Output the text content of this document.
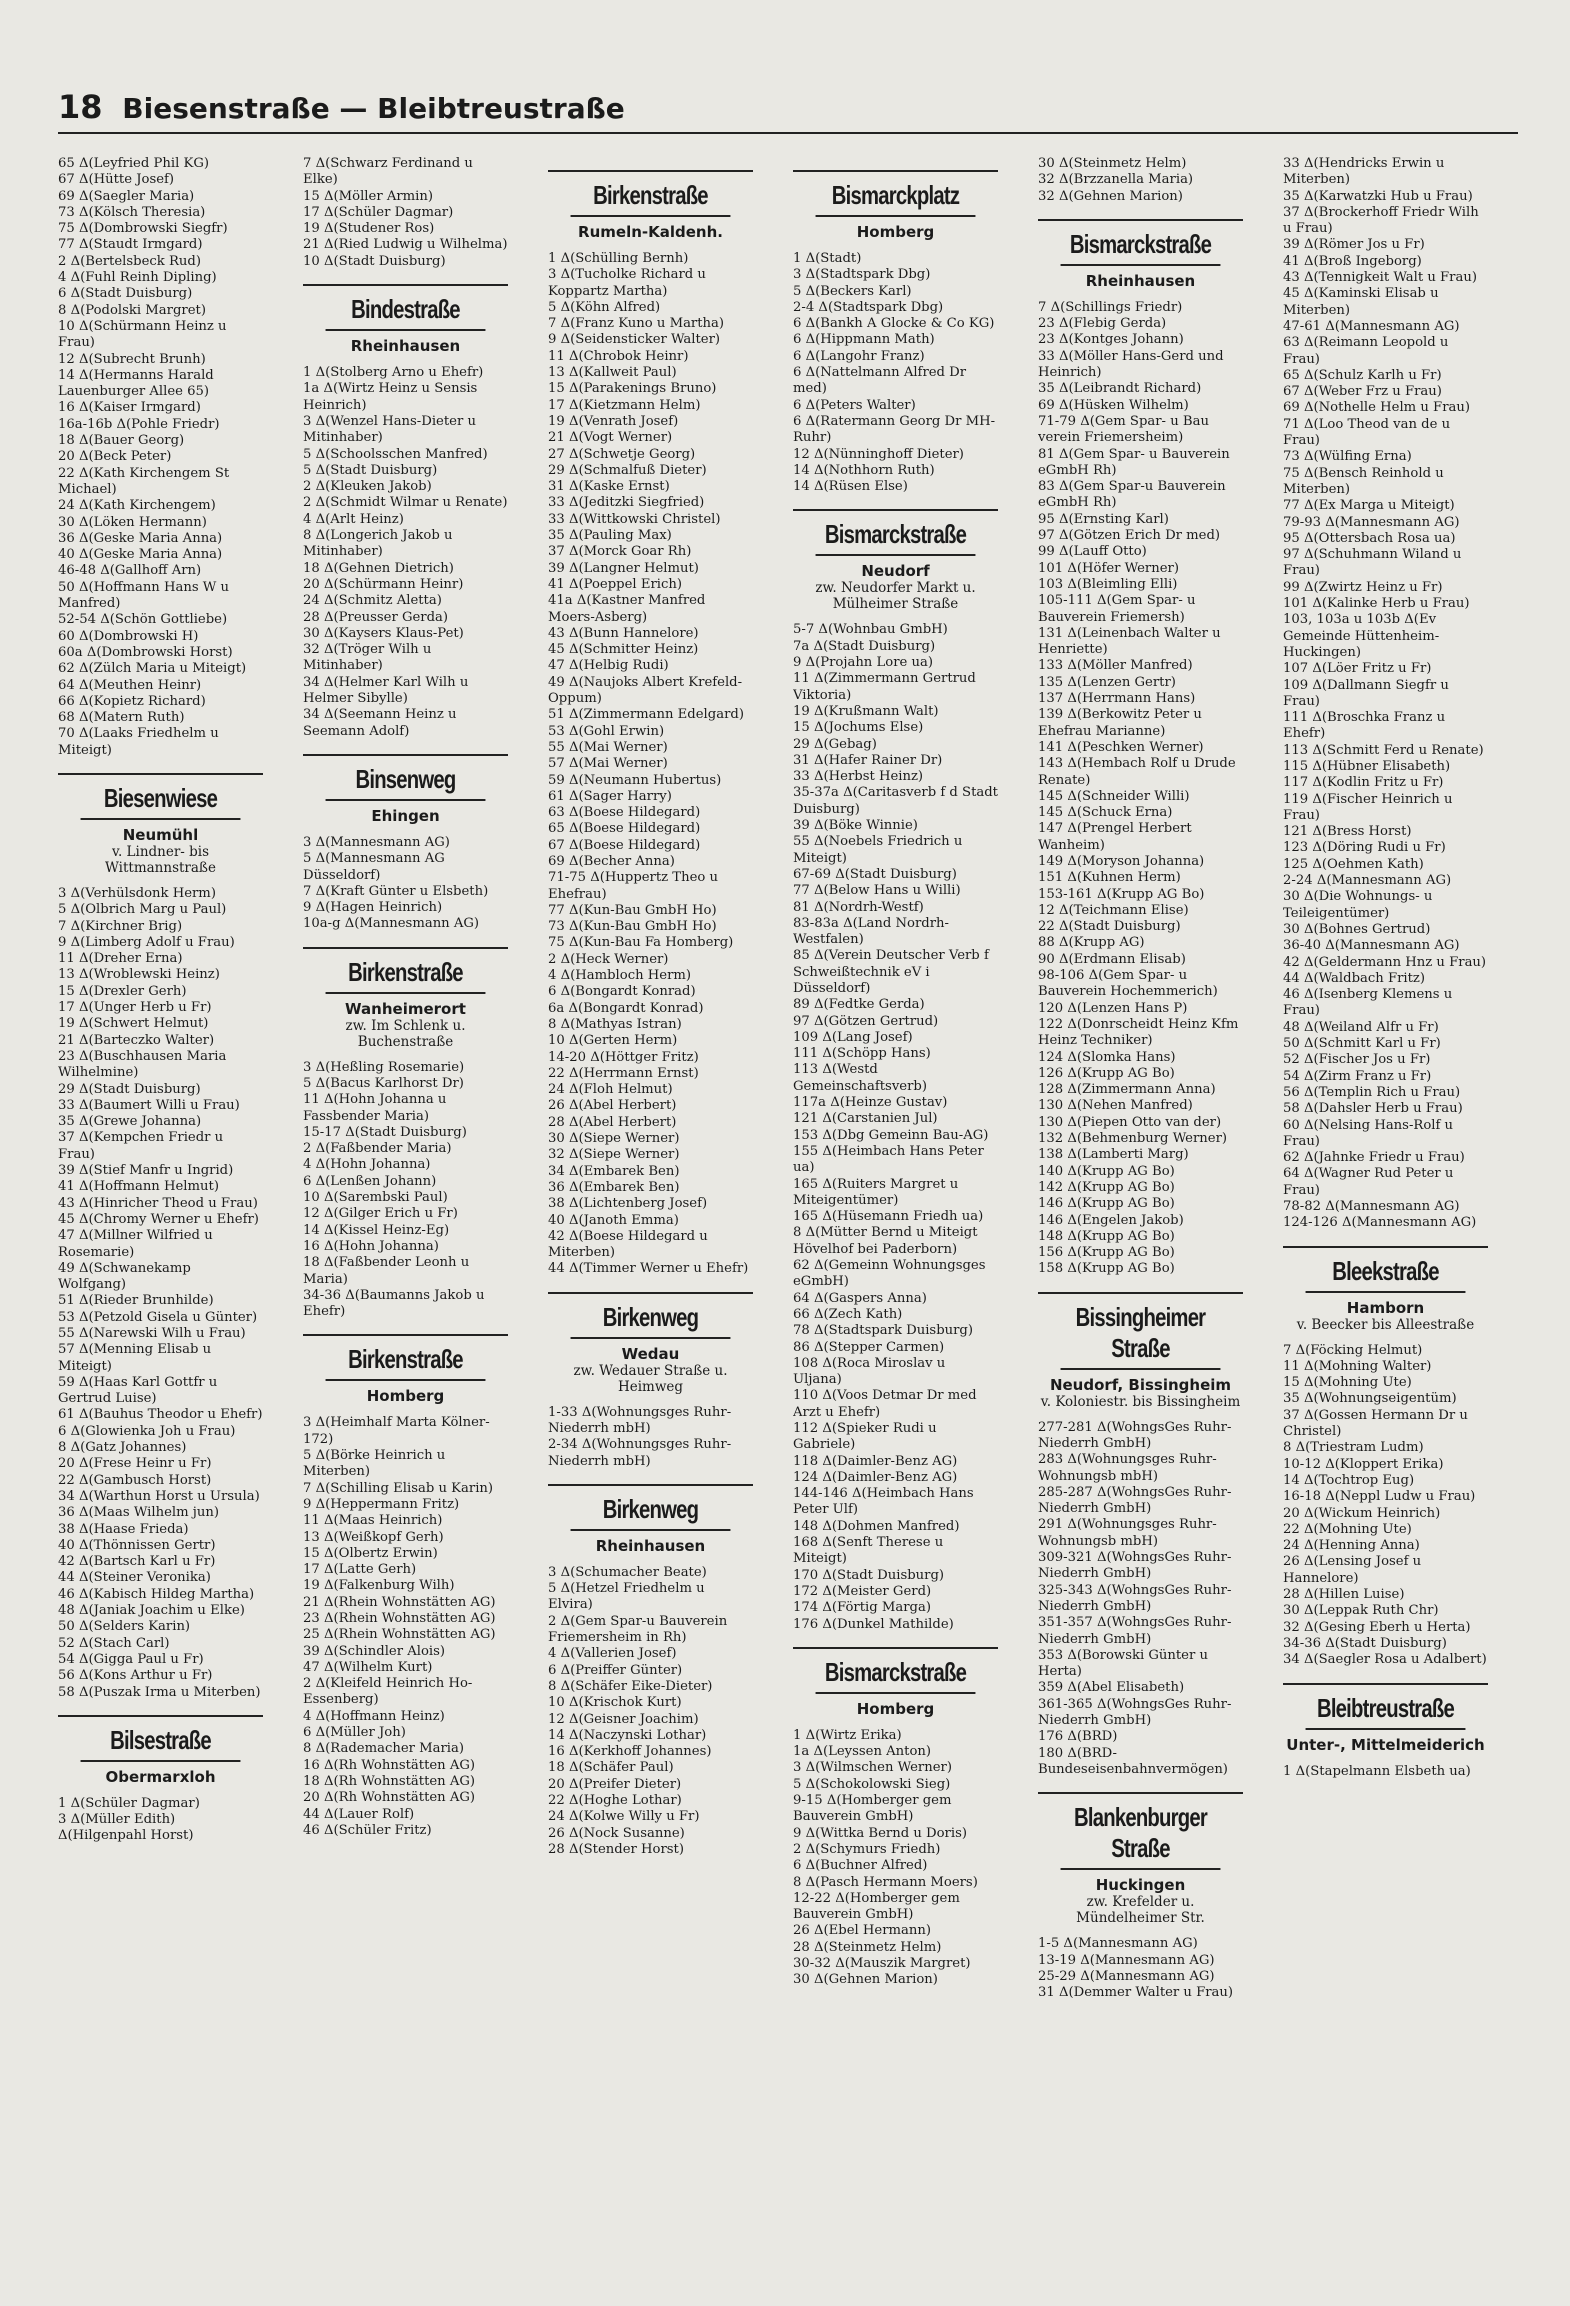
18 Biesenstraße — Bleibtreustraße

65 Δ(Leyfried Phil KG)

67 Δ(Hütte Josef)

69 Δ(Saegler Maria)

73 Δ(Kölsch Theresia)

75 Δ(Dombrowski Siegfr)

77 Δ(Staudt Irmgard)

2 Δ(Bertelsbeck Rud)

4 Δ(Fuhl Reinh Dipling)

6 Δ(Stadt Duisburg)

8 Δ(Podolski Margret)

10 Δ(Schürmann Heinz u Frau)

12 Δ(Subrecht Brunh)

14 Δ(Hermanns Harald Lauenburger Allee 65)

16 Δ(Kaiser Irmgard)

16a-16b Δ(Pohle Friedr)

18 Δ(Bauer Georg)

20 Δ(Beck Peter)

22 Δ(Kath Kirchengem St Michael)

24 Δ(Kath Kirchengem)

30 Δ(Löken Hermann)

36 Δ(Geske Maria Anna)

40 Δ(Geske Maria Anna)

46-48 Δ(Gallhoff Arn)

50 Δ(Hoffmann Hans W u Manfred)

52-54 Δ(Schön Gottliebe)

60 Δ(Dombrowski H)

60a Δ(Dombrowski Horst)

62 Δ(Zülch Maria u Miteigt)

64 Δ(Meuthen Heinr)

66 Δ(Kopietz Richard)

68 Δ(Matern Ruth)

70 Δ(Laaks Friedhelm u Miteigt)

Biesenwiese
Neumühl
v. Lindner- bis Wittmannstraße

3 Δ(Verhülsdonk Herm)

5 Δ(Olbrich Marg u Paul)

7 Δ(Kirchner Brig)

9 Δ(Limberg Adolf u Frau)

11 Δ(Dreher Erna)

13 Δ(Wroblewski Heinz)

15 Δ(Drexler Gerh)

17 Δ(Unger Herb u Fr)

19 Δ(Schwert Helmut)

21 Δ(Barteczko Walter)

23 Δ(Buschhausen Maria Wilhelmine)

29 Δ(Stadt Duisburg)

33 Δ(Baumert Willi u Frau)

35 Δ(Grewe Johanna)

37 Δ(Kempchen Friedr u Frau)

39 Δ(Stief Manfr u Ingrid)

41 Δ(Hoffmann Helmut)

43 Δ(Hinricher Theod u Frau)

45 Δ(Chromy Werner u Ehefr)

47 Δ(Millner Wilfried u Rosemarie)

49 Δ(Schwanekamp Wolfgang)

51 Δ(Rieder Brunhilde)

53 Δ(Petzold Gisela u Günter)

55 Δ(Narewski Wilh u Frau)

57 Δ(Menning Elisab u Miteigt)

59 Δ(Haas Karl Gottfr u Gertrud Luise)

61 Δ(Bauhus Theodor u Ehefr)

6 Δ(Glowienka Joh u Frau)

8 Δ(Gatz Johannes)

20 Δ(Frese Heinr u Fr)

22 Δ(Gambusch Horst)

34 Δ(Warthun Horst u Ursula)

36 Δ(Maas Wilhelm jun)

38 Δ(Haase Frieda)

40 Δ(Thönnissen Gertr)

42 Δ(Bartsch Karl u Fr)

44 Δ(Steiner Veronika)

46 Δ(Kabisch Hildeg Martha)

48 Δ(Janiak Joachim u Elke)

50 Δ(Selders Karin)

52 Δ(Stach Carl)

54 Δ(Gigga Paul u Fr)

56 Δ(Kons Arthur u Fr)

58 Δ(Puszak Irma u Miterben)

Bilsestraße
Obermarxloh

1 Δ(Schüler Dagmar)

3 Δ(Müller Edith)

Δ(Hilgenpahl Horst)

7 Δ(Schwarz Ferdinand u Elke)

15 Δ(Möller Armin)

17 Δ(Schüler Dagmar)

19 Δ(Studener Ros)

21 Δ(Ried Ludwig u Wilhelma)

10 Δ(Stadt Duisburg)

Bindestraße
Rheinhausen

1 Δ(Stolberg Arno u Ehefr)

1a Δ(Wirtz Heinz u Sensis Heinrich)

3 Δ(Wenzel Hans-Dieter u Mitinhaber)

5 Δ(Schoolsschen Manfred)

5 Δ(Stadt Duisburg)

2 Δ(Kleuken Jakob)

2 Δ(Schmidt Wilmar u Renate)

4 Δ(Arlt Heinz)

8 Δ(Longerich Jakob u Mitinhaber)

18 Δ(Gehnen Dietrich)

20 Δ(Schürmann Heinr)

24 Δ(Schmitz Aletta)

28 Δ(Preusser Gerda)

30 Δ(Kaysers Klaus-Pet)

32 Δ(Tröger Wilh u Mitinhaber)

34 Δ(Helmer Karl Wilh u Helmer Sibylle)

34 Δ(Seemann Heinz u Seemann Adolf)

Binsenweg
Ehingen

3 Δ(Mannesmann AG)

5 Δ(Mannesmann AG Düsseldorf)

7 Δ(Kraft Günter u Elsbeth)

9 Δ(Hagen Heinrich)

10a-g Δ(Mannesmann AG)

Birkenstraße
Wanheimerort
zw. Im Schlenk u. Buchenstraße

3 Δ(Heßling Rosemarie)

5 Δ(Bacus Karlhorst Dr)

11 Δ(Hohn Johanna u Fassbender Maria)

15-17 Δ(Stadt Duisburg)

2 Δ(Faßbender Maria)

4 Δ(Hohn Johanna)

6 Δ(Lenßen Johann)

10 Δ(Sarembski Paul)

12 Δ(Gilger Erich u Fr)

14 Δ(Kissel Heinz-Eg)

16 Δ(Hohn Johanna)

18 Δ(Faßbender Leonh u Maria)

34-36 Δ(Baumanns Jakob u Ehefr)

Birkenstraße
Homberg

3 Δ(Heimhalf Marta Kölner-172)

5 Δ(Börke Heinrich u Miterben)

7 Δ(Schilling Elisab u Karin)

9 Δ(Heppermann Fritz)

11 Δ(Maas Heinrich)

13 Δ(Weißkopf Gerh)

15 Δ(Olbertz Erwin)

17 Δ(Latte Gerh)

19 Δ(Falkenburg Wilh)

21 Δ(Rhein Wohnstätten AG)

23 Δ(Rhein Wohnstätten AG)

25 Δ(Rhein Wohnstätten AG)

39 Δ(Schindler Alois)

47 Δ(Wilhelm Kurt)

2 Δ(Kleifeld Heinrich Ho-Essenberg)

4 Δ(Hoffmann Heinz)

6 Δ(Müller Joh)

8 Δ(Rademacher Maria)

16 Δ(Rh Wohnstätten AG)

18 Δ(Rh Wohnstätten AG)

20 Δ(Rh Wohnstätten AG)

44 Δ(Lauer Rolf)

46 Δ(Schüler Fritz)

Birkenstraße
Rumeln-Kaldenh.

1 Δ(Schülling Bernh)

3 Δ(Tucholke Richard u Koppartz Martha)

5 Δ(Köhn Alfred)

7 Δ(Franz Kuno u Martha)

9 Δ(Seidensticker Walter)

11 Δ(Chrobok Heinr)

13 Δ(Kallweit Paul)

15 Δ(Parakenings Bruno)

17 Δ(Kietzmann Helm)

19 Δ(Venrath Josef)

21 Δ(Vogt Werner)

27 Δ(Schwetje Georg)

29 Δ(Schmalfuß Dieter)

31 Δ(Kaske Ernst)

33 Δ(Jeditzki Siegfried)

33 Δ(Wittkowski Christel)

35 Δ(Pauling Max)

37 Δ(Morck Goar Rh)

39 Δ(Langner Helmut)

41 Δ(Poeppel Erich)

41a Δ(Kastner Manfred Moers-Asberg)

43 Δ(Bunn Hannelore)

45 Δ(Schmitter Heinz)

47 Δ(Helbig Rudi)

49 Δ(Naujoks Albert Krefeld-Oppum)

51 Δ(Zimmermann Edelgard)

53 Δ(Gohl Erwin)

55 Δ(Mai Werner)

57 Δ(Mai Werner)

59 Δ(Neumann Hubertus)

61 Δ(Sager Harry)

63 Δ(Boese Hildegard)

65 Δ(Boese Hildegard)

67 Δ(Boese Hildegard)

69 Δ(Becher Anna)

71-75 Δ(Huppertz Theo u Ehefrau)

77 Δ(Kun-Bau GmbH Ho)

73 Δ(Kun-Bau GmbH Ho)

75 Δ(Kun-Bau Fa Homberg)

2 Δ(Heck Werner)

4 Δ(Hambloch Herm)

6 Δ(Bongardt Konrad)

6a Δ(Bongardt Konrad)

8 Δ(Mathyas Istran)

10 Δ(Gerten Herm)

14-20 Δ(Höttger Fritz)

22 Δ(Herrmann Ernst)

24 Δ(Floh Helmut)

26 Δ(Abel Herbert)

28 Δ(Abel Herbert)

30 Δ(Siepe Werner)

32 Δ(Siepe Werner)

34 Δ(Embarek Ben)

36 Δ(Embarek Ben)

38 Δ(Lichtenberg Josef)

40 Δ(Janoth Emma)

42 Δ(Boese Hildegard u Miterben)

44 Δ(Timmer Werner u Ehefr)

Birkenweg
Wedau
zw. Wedauer Straße u. Heimweg

1-33 Δ(Wohnungsges Ruhr-Niederrh mbH)

2-34 Δ(Wohnungsges Ruhr-Niederrh mbH)

Birkenweg
Rheinhausen

3 Δ(Schumacher Beate)

5 Δ(Hetzel Friedhelm u Elvira)

2 Δ(Gem Spar-u Bauverein Friemersheim in Rh)

4 Δ(Vallerien Josef)

6 Δ(Preiffer Günter)

8 Δ(Schäfer Eike-Dieter)

10 Δ(Krischok Kurt)

12 Δ(Geisner Joachim)

14 Δ(Naczynski Lothar)

16 Δ(Kerkhoff Johannes)

18 Δ(Schäfer Paul)

20 Δ(Preifer Dieter)

22 Δ(Hoghe Lothar)

24 Δ(Kolwe Willy u Fr)

26 Δ(Nock Susanne)

28 Δ(Stender Horst)

Bismarckplatz
Homberg

1 Δ(Stadt)

3 Δ(Stadtspark Dbg)

5 Δ(Beckers Karl)

2-4 Δ(Stadtspark Dbg)

6 Δ(Bankh A Glocke & Co KG)

6 Δ(Hippmann Math)

6 Δ(Langohr Franz)

6 Δ(Nattelmann Alfred Dr med)

6 Δ(Peters Walter)

6 Δ(Ratermann Georg Dr MH-Ruhr)

12 Δ(Nünninghoff Dieter)

14 Δ(Nothhorn Ruth)

14 Δ(Rüsen Else)

Bismarckstraße
Neudorf
zw. Neudorfer Markt u. Mülheimer Straße

5-7 Δ(Wohnbau GmbH)

7a Δ(Stadt Duisburg)

9 Δ(Projahn Lore ua)

11 Δ(Zimmermann Gertrud Viktoria)

19 Δ(Krußmann Walt)

15 Δ(Jochums Else)

29 Δ(Gebag)

31 Δ(Hafer Rainer Dr)

33 Δ(Herbst Heinz)

35-37a Δ(Caritasverb f d Stadt Duisburg)

39 Δ(Böke Winnie)

55 Δ(Noebels Friedrich u Miteigt)

67-69 Δ(Stadt Duisburg)

77 Δ(Below Hans u Willi)

81 Δ(Nordrh-Westf)

83-83a Δ(Land Nordrh-Westfalen)

85 Δ(Verein Deutscher Verb f Schweißtechnik eV i Düsseldorf)

89 Δ(Fedtke Gerda)

97 Δ(Götzen Gertrud)

109 Δ(Lang Josef)

111 Δ(Schöpp Hans)

113 Δ(Westd Gemeinschaftsverb)

117a Δ(Heinze Gustav)

121 Δ(Carstanien Jul)

153 Δ(Dbg Gemeinn Bau-AG)

155 Δ(Heimbach Hans Peter ua)

165 Δ(Ruiters Margret u Miteigentümer)

165 Δ(Hüsemann Friedh ua)

8 Δ(Mütter Bernd u Miteigt Hövelhof bei Paderborn)

62 Δ(Gemeinn Wohnungsges eGmbH)

64 Δ(Gaspers Anna)

66 Δ(Zech Kath)

78 Δ(Stadtspark Duisburg)

86 Δ(Stepper Carmen)

108 Δ(Roca Miroslav u Uljana)

110 Δ(Voos Detmar Dr med Arzt u Ehefr)

112 Δ(Spieker Rudi u Gabriele)

118 Δ(Daimler-Benz AG)

124 Δ(Daimler-Benz AG)

144-146 Δ(Heimbach Hans Peter Ulf)

148 Δ(Dohmen Manfred)

168 Δ(Senft Therese u Miteigt)

170 Δ(Stadt Duisburg)

172 Δ(Meister Gerd)

174 Δ(Förtig Marga)

176 Δ(Dunkel Mathilde)

Bismarckstraße
Homberg

1 Δ(Wirtz Erika)

1a Δ(Leyssen Anton)

3 Δ(Wilmschen Werner)

5 Δ(Schokolowski Sieg)

9-15 Δ(Homberger gem Bauverein GmbH)

9 Δ(Wittka Bernd u Doris)

2 Δ(Schymurs Friedh)

6 Δ(Buchner Alfred)

8 Δ(Pasch Hermann Moers)

12-22 Δ(Homberger gem Bauverein GmbH)

26 Δ(Ebel Hermann)

28 Δ(Steinmetz Helm)

30-32 Δ(Mauszik Margret)

30 Δ(Gehnen Marion)

30 Δ(Steinmetz Helm)

32 Δ(Brzzanella Maria)

32 Δ(Gehnen Marion)

Bismarckstraße
Rheinhausen

7 Δ(Schillings Friedr)

23 Δ(Flebig Gerda)

23 Δ(Kontges Johann)

33 Δ(Möller Hans-Gerd und Heinrich)

35 Δ(Leibrandt Richard)

69 Δ(Hüsken Wilhelm)

71-79 Δ(Gem Spar- u Bau verein Friemersheim)

81 Δ(Gem Spar- u Bauverein eGmbH Rh)

83 Δ(Gem Spar-u Bauverein eGmbH Rh)

95 Δ(Ernsting Karl)

97 Δ(Götzen Erich Dr med)

99 Δ(Lauff Otto)

101 Δ(Höfer Werner)

103 Δ(Bleimling Elli)

105-111 Δ(Gem Spar- u Bauverein Friemersh)

131 Δ(Leinenbach Walter u Henriette)

133 Δ(Möller Manfred)

135 Δ(Lenzen Gertr)

137 Δ(Herrmann Hans)

139 Δ(Berkowitz Peter u Ehefrau Marianne)

141 Δ(Peschken Werner)

143 Δ(Hembach Rolf u Drude Renate)

145 Δ(Schneider Willi)

145 Δ(Schuck Erna)

147 Δ(Prengel Herbert Wanheim)

149 Δ(Moryson Johanna)

151 Δ(Kuhnen Herm)

153-161 Δ(Krupp AG Bo)

12 Δ(Teichmann Elise)

22 Δ(Stadt Duisburg)

88 Δ(Krupp AG)

90 Δ(Erdmann Elisab)

98-106 Δ(Gem Spar- u Bauverein Hochemmerich)

120 Δ(Lenzen Hans P)

122 Δ(Donrscheidt Heinz Kfm Heinz Techniker)

124 Δ(Slomka Hans)

126 Δ(Krupp AG Bo)

128 Δ(Zimmermann Anna)

130 Δ(Nehen Manfred)

130 Δ(Piepen Otto van der)

132 Δ(Behmenburg Werner)

138 Δ(Lamberti Marg)

140 Δ(Krupp AG Bo)

142 Δ(Krupp AG Bo)

146 Δ(Krupp AG Bo)

146 Δ(Engelen Jakob)

148 Δ(Krupp AG Bo)

156 Δ(Krupp AG Bo)

158 Δ(Krupp AG Bo)

Bissingheimer Straße
Neudorf, Bissingheim
v. Koloniestr. bis Bissingheim

277-281 Δ(WohngsGes Ruhr-Niederrh GmbH)

283 Δ(Wohnungsges Ruhr-Wohnungsb mbH)

285-287 Δ(WohngsGes Ruhr-Niederrh GmbH)

291 Δ(Wohnungsges Ruhr-Wohnungsb mbH)

309-321 Δ(WohngsGes Ruhr-Niederrh GmbH)

325-343 Δ(WohngsGes Ruhr-Niederrh GmbH)

351-357 Δ(WohngsGes Ruhr-Niederrh GmbH)

353 Δ(Borowski Günter u Herta)

359 Δ(Abel Elisabeth)

361-365 Δ(WohngsGes Ruhr-Niederrh GmbH)

176 Δ(BRD)

180 Δ(BRD-Bundeseisenbahnvermögen)

Blankenburger Straße
Huckingen
zw. Krefelder u. Mündelheimer Str.

1-5 Δ(Mannesmann AG)

13-19 Δ(Mannesmann AG)

25-29 Δ(Mannesmann AG)

31 Δ(Demmer Walter u Frau)

33 Δ(Hendricks Erwin u Miterben)

35 Δ(Karwatzki Hub u Frau)

37 Δ(Brockerhoff Friedr Wilh u Frau)

39 Δ(Römer Jos u Fr)

41 Δ(Broß Ingeborg)

43 Δ(Tennigkeit Walt u Frau)

45 Δ(Kaminski Elisab u Miterben)

47-61 Δ(Mannesmann AG)

63 Δ(Reimann Leopold u Frau)

65 Δ(Schulz Karlh u Fr)

67 Δ(Weber Frz u Frau)

69 Δ(Nothelle Helm u Frau)

71 Δ(Loo Theod van de u Frau)

73 Δ(Wülfing Erna)

75 Δ(Bensch Reinhold u Miterben)

77 Δ(Ex Marga u Miteigt)

79-93 Δ(Mannesmann AG)

95 Δ(Ottersbach Rosa ua)

97 Δ(Schuhmann Wiland u Frau)

99 Δ(Zwirtz Heinz u Fr)

101 Δ(Kalinke Herb u Frau)

103, 103a u 103b Δ(Ev Gemeinde Hüttenheim-Huckingen)

107 Δ(Löer Fritz u Fr)

109 Δ(Dallmann Siegfr u Frau)

111 Δ(Broschka Franz u Ehefr)

113 Δ(Schmitt Ferd u Renate)

115 Δ(Hübner Elisabeth)

117 Δ(Kodlin Fritz u Fr)

119 Δ(Fischer Heinrich u Frau)

121 Δ(Bress Horst)

123 Δ(Döring Rudi u Fr)

125 Δ(Oehmen Kath)

2-24 Δ(Mannesmann AG)

30 Δ(Die Wohnungs- u Teileigentümer)

30 Δ(Bohnes Gertrud)

36-40 Δ(Mannesmann AG)

42 Δ(Geldermann Hnz u Frau)

44 Δ(Waldbach Fritz)

46 Δ(Isenberg Klemens u Frau)

48 Δ(Weiland Alfr u Fr)

50 Δ(Schmitt Karl u Fr)

52 Δ(Fischer Jos u Fr)

54 Δ(Zirm Franz u Fr)

56 Δ(Templin Rich u Frau)

58 Δ(Dahsler Herb u Frau)

60 Δ(Nelsing Hans-Rolf u Frau)

62 Δ(Jahnke Friedr u Frau)

64 Δ(Wagner Rud Peter u Frau)

78-82 Δ(Mannesmann AG)

124-126 Δ(Mannesmann AG)

Bleekstraße
Hamborn
v. Beecker bis Alleestraße

7 Δ(Föcking Helmut)

11 Δ(Mohning Walter)

15 Δ(Mohning Ute)

35 Δ(Wohnungseigentüm)

37 Δ(Gossen Hermann Dr u Christel)

8 Δ(Triestram Ludm)

10-12 Δ(Kloppert Erika)

14 Δ(Tochtrop Eug)

16-18 Δ(Neppl Ludw u Frau)

20 Δ(Wickum Heinrich)

22 Δ(Mohning Ute)

24 Δ(Henning Anna)

26 Δ(Lensing Josef u Hannelore)

28 Δ(Hillen Luise)

30 Δ(Leppak Ruth Chr)

32 Δ(Gesing Eberh u Herta)

34-36 Δ(Stadt Duisburg)

34 Δ(Saegler Rosa u Adalbert)

Bleibtreustraße
Unter-, Mittelmeiderich

1 Δ(Stapelmann Elsbeth ua)
